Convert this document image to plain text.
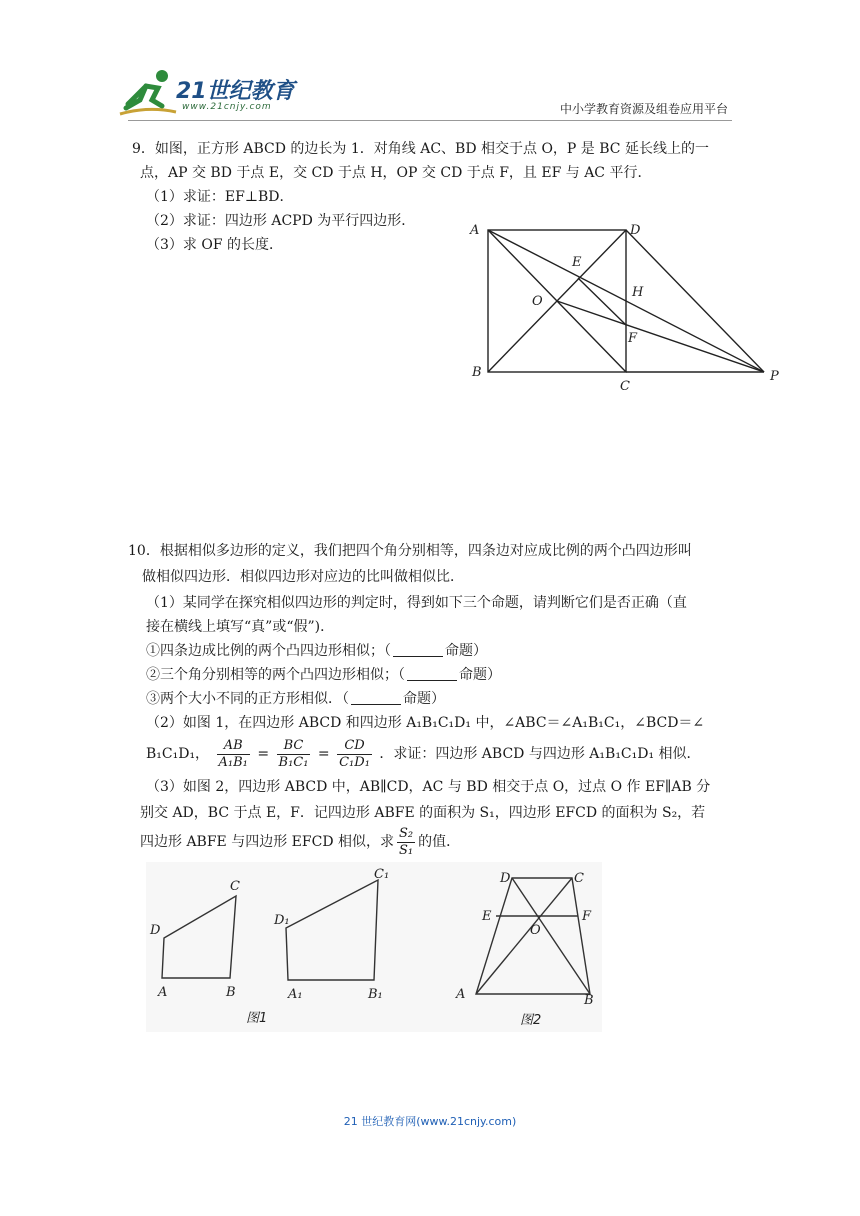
21世纪教育
www.21cnjy.com	中小学教育资源及组卷应用平台
9．如图，正方形 ABCD 的边长为 1．对角线 AC、BD 相交于点 O，P 是 BC 延长线上的一
点，AP 交 BD 于点 E，交 CD 于点 H，OP 交 CD 于点 F，且 EF 与 AC 平行．
（1）求证：EF⊥BD．
（2）求证：四边形 ACPD 为平行四边形．
（3）求 OF 的长度．
A	D
E
O
H
F
B
C
P
10．根据相似多边形的定义，我们把四个角分别相等，四条边对应成比例的两个凸四边形叫
做相似四边形．相似四边形对应边的比叫做相似比．
（1）某同学在探究相似四边形的判定时，得到如下三个命题，请判断它们是否正确（直
接在横线上填写“真”或“假”)．
①四条边成比例的两个凸四边形相似；（	命题）
②三个角分别相等的两个凸四边形相似；（	命题）
③两个大小不同的正方形相似．（	命题）
（2）如图 1，在四边形 ABCD 和四边形 A₁B₁C₁D₁ 中，∠ABC＝∠A₁B₁C₁，∠BCD＝∠
B₁C₁D₁， $\frac{AB}{\text{A₁B₁}} = \frac{BC}{\text{B₁C₁}} = \frac{CD}{\text{C₁D₁}}$ ．求证：四边形 ABCD 与四边形 A₁B₁C₁D₁ 相似．
（3）如图 2，四边形 ABCD 中，AB∥CD，AC 与 BD 相交于点 O，过点 O 作 EF∥AB 分
别交 AD，BC 于点 E，F．记四边形 ABFE 的面积为 S₁，四边形 EFCD 的面积为 S₂，若
四边形 ABFE 与四边形 EFCD 相似，求 $\frac{\text{S₂}}{\text{S₁}}$ 的值．
D
C
A	B
D₁
C₁
A₁	B₁
图1
D	C
E	F
O
A	B
图2
21 世纪教育网(www.21cnjy.com)
